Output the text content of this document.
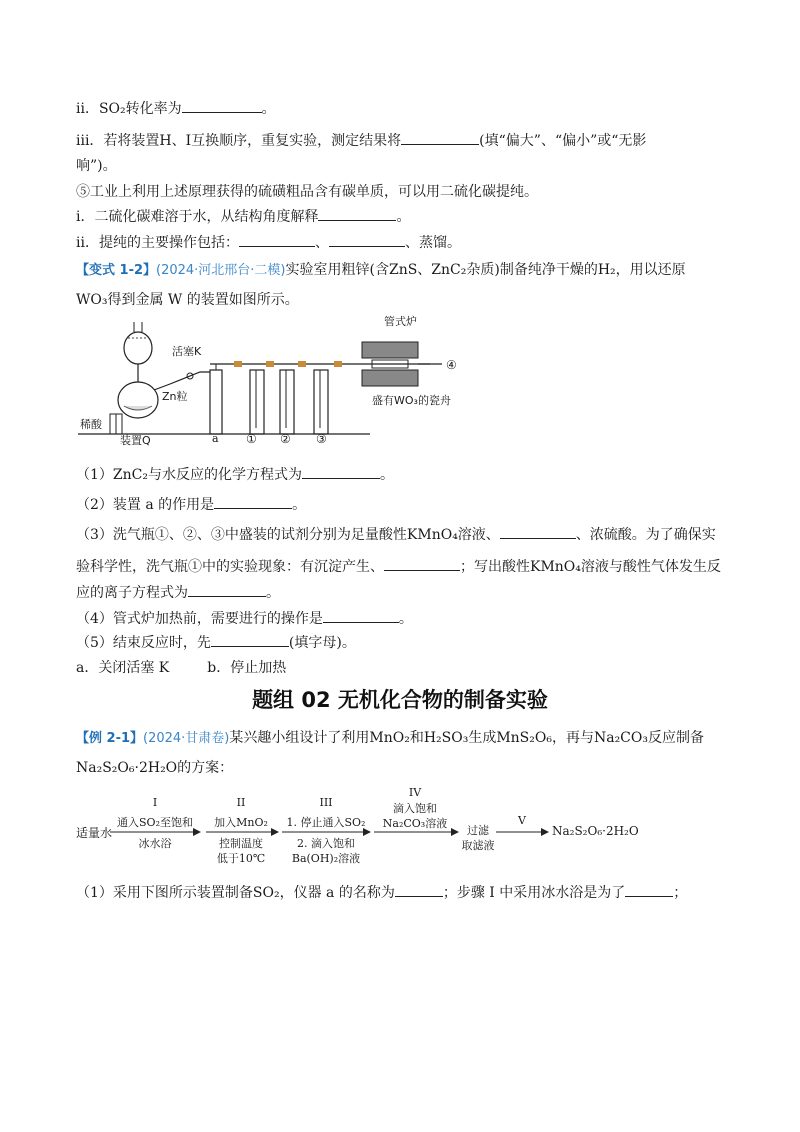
ii．SO₂转化率为	。
iii．若将装置H、I互换顺序，重复实验，测定结果将	(填“偏大”、“偏小”或“无影
响”)。
⑤工业上利用上述原理获得的硫磺粗品含有碳单质，可以用二硫化碳提纯。
i．二硫化碳难溶于水，从结构角度解释	。
ii．提纯的主要操作包括：	、	、蒸馏。
【变式 1-2】(2024·河北邢台·二模)实验室用粗锌(含ZnS、ZnC₂杂质)制备纯净干燥的H₂，用以还原
WO₃得到金属 W 的装置如图所示。
管式炉
活塞K
Zn粒
稀酸
装置Q	a ① ② ③
④
盛有WO₃的瓷舟
（1）ZnC₂与水反应的化学方程式为	。
（2）装置 a 的作用是	。
（3）洗气瓶①、②、③中盛装的试剂分别为足量酸性KMnO₄溶液、	、浓硫酸。为了确保实
验科学性，洗气瓶①中的实验现象：有沉淀产生、	；写出酸性KMnO₄溶液与酸性气体发生反
应的离子方程式为	。
（4）管式炉加热前，需要进行的操作是	。
（5）结束反应时，先	(填字母)。
a．关闭活塞 K	b．停止加热
题组 02 无机化合物的制备实验
【例 2-1】(2024·甘肃卷)某兴趣小组设计了利用MnO₂和H₂SO₃生成MnS₂O₆，再与Na₂CO₃反应制备
Na₂S₂O₆·2H₂O的方案：
适量水
I
通入SO₂至饱和
冰水浴
II
加入MnO₂
控制温度
低于10℃
III
1. 停止通入SO₂
2. 滴入饱和
Ba(OH)₂溶液
IV
滴入饱和
Na₂CO₃溶液
过滤
取滤液
V
Na₂S₂O₆·2H₂O
（1）采用下图所示装置制备SO₂，仪器 a 的名称为	；步骤 I 中采用冰水浴是为了	；
